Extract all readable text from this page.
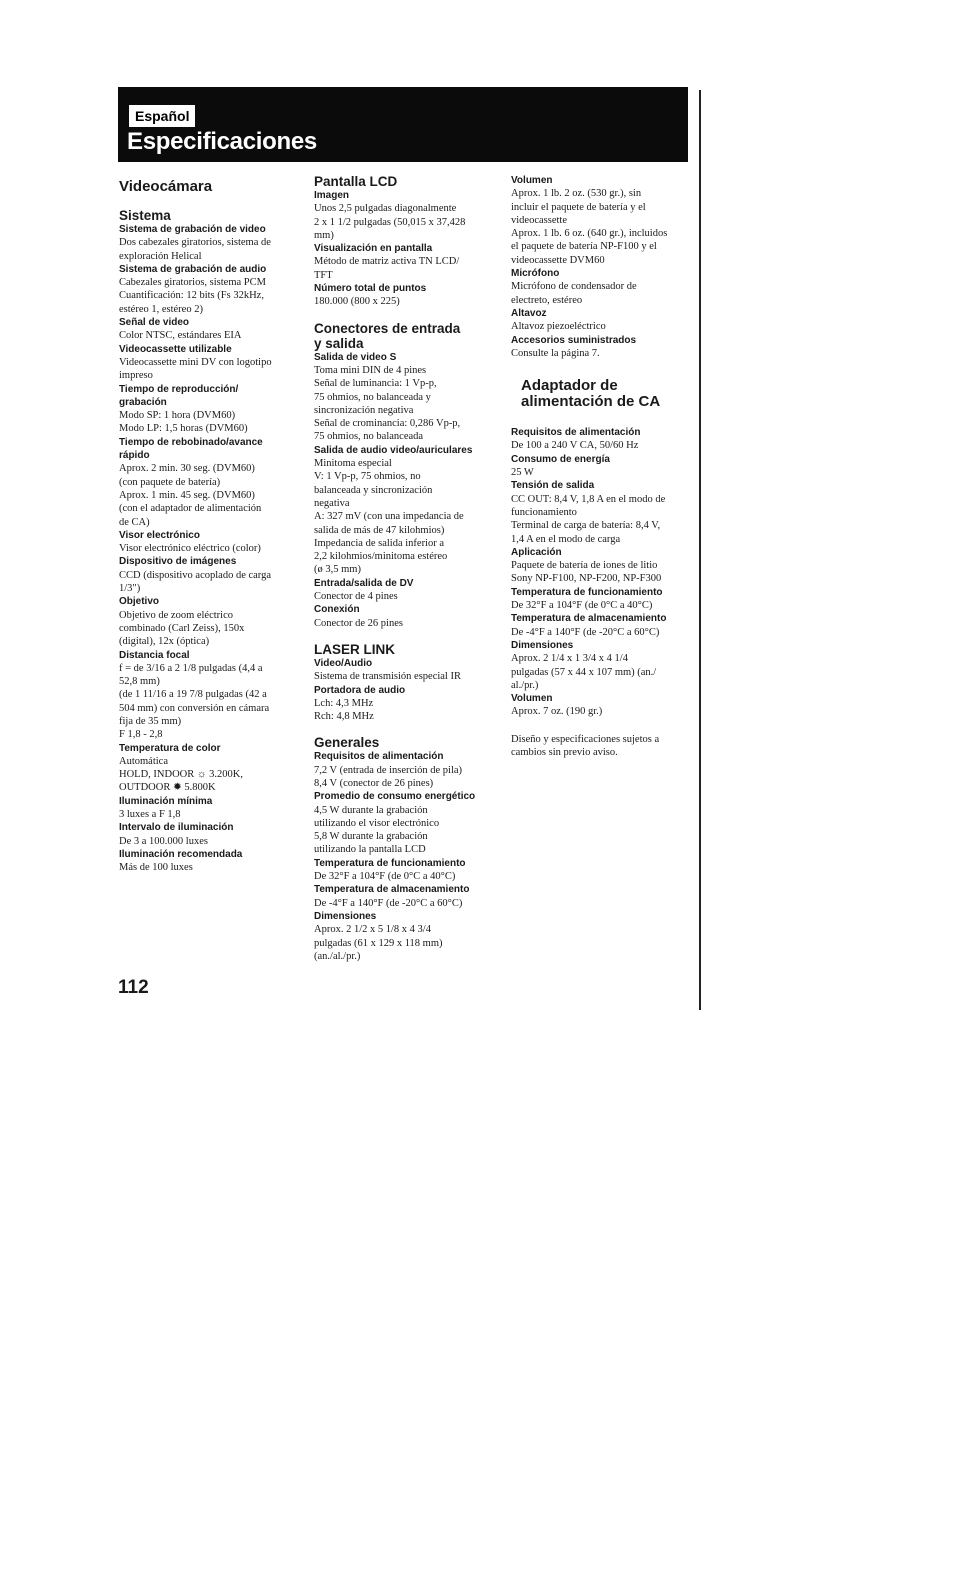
Español
Especificaciones
Videocámara
Sistema
Sistema de grabación de video
Dos cabezales giratorios, sistema de
exploración Helical
Sistema de grabación de audio
Cabezales giratorios, sistema PCM
Cuantificación: 12 bits (Fs 32kHz,
estéreo 1, estéreo 2)
Señal de video
Color NTSC, estándares EIA
Videocassette utilizable
Videocassette mini DV con logotipo
impreso
Tiempo de reproducción/
grabación
Modo SP: 1 hora (DVM60)
Modo LP: 1,5 horas (DVM60)
Tiempo de rebobinado/avance
rápido
Aprox. 2 min. 30 seg. (DVM60)
(con paquete de batería)
Aprox. 1 min. 45 seg. (DVM60)
(con el adaptador de alimentación
de CA)
Visor electrónico
Visor electrónico eléctrico (color)
Dispositivo de imágenes
CCD (dispositivo acoplado de carga
1/3")
Objetivo
Objetivo de zoom eléctrico
combinado (Carl Zeiss), 150x
(digital), 12x (óptica)
Distancia focal
f = de 3/16 a 2 1/8 pulgadas (4,4 a
52,8 mm)
(de 1 11/16 a 19 7/8 pulgadas (42 a
504 mm) con conversión en cámara
fija de 35 mm)
F 1,8 - 2,8
Temperatura de color
Automática
HOLD, INDOOR ☼ 3.200K,
OUTDOOR ✹ 5.800K
Iluminación mínima
3 luxes a F 1,8
Intervalo de iluminación
De 3 a 100.000 luxes
Iluminación recomendada
Más de 100 luxes
Pantalla LCD
Imagen
Unos 2,5 pulgadas diagonalmente
2 x 1 1/2 pulgadas (50,015 x 37,428
mm)
Visualización en pantalla
Método de matriz activa TN LCD/
TFT
Número total de puntos
180.000 (800 x 225)
Conectores de entrada
y salida
Salida de video S
Toma mini DIN de 4 pines
Señal de luminancia: 1 Vp-p,
75 ohmios, no balanceada y
sincronización negativa
Señal de crominancia: 0,286 Vp-p,
75 ohmios, no balanceada
Salida de audio video/auriculares
Minitoma especial
V: 1 Vp-p, 75 ohmios, no
balanceada y sincronización
negativa
A: 327 mV (con una impedancia de
salida de más de 47 kilohmios)
Impedancia de salida inferior a
2,2 kilohmios/minitoma estéreo
(ø 3,5 mm)
Entrada/salida de DV
Conector de 4 pines
Conexión
Conector de 26 pines
LASER LINK
Video/Audio
Sistema de transmisión especial IR
Portadora de audio
Lch: 4,3 MHz
Rch: 4,8 MHz
Generales
Requisitos de alimentación
7,2 V (entrada de inserción de pila)
8,4 V (conector de 26 pines)
Promedio de consumo energético
4,5 W durante la grabación
utilizando el visor electrónico
5,8 W durante la grabación
utilizando la pantalla LCD
Temperatura de funcionamiento
De 32°F a 104°F (de 0°C a 40°C)
Temperatura de almacenamiento
De -4°F a 140°F (de -20°C a 60°C)
Dimensiones
Aprox. 2 1/2 x 5 1/8 x 4 3/4
pulgadas (61 x 129 x 118 mm)
(an./al./pr.)
Volumen
Aprox. 1 lb. 2 oz. (530 gr.), sin
incluir el paquete de batería y el
videocassette
Aprox. 1 lb. 6 oz. (640 gr.), incluidos
el paquete de batería NP-F100 y el
videocassette DVM60
Micrófono
Micrófono de condensador de
electreto, estéreo
Altavoz
Altavoz piezoeléctrico
Accesorios suministrados
Consulte la página 7.
Adaptador de
alimentación de CA
Requisitos de alimentación
De 100 a 240 V CA, 50/60 Hz
Consumo de energía
25 W
Tensión de salida
CC OUT: 8,4 V, 1,8 A en el modo de
funcionamiento
Terminal de carga de batería: 8,4 V,
1,4 A en el modo de carga
Aplicación
Paquete de batería de iones de litio
Sony NP-F100, NP-F200, NP-F300
Temperatura de funcionamiento
De 32°F a 104°F (de 0°C a 40°C)
Temperatura de almacenamiento
De -4°F a 140°F (de -20°C a 60°C)
Dimensiones
Aprox. 2 1/4 x 1 3/4 x 4 1/4
pulgadas (57 x 44 x 107 mm) (an./
al./pr.)
Volumen
Aprox. 7 oz. (190 gr.)
Diseño y especificaciones sujetos a
cambios sin previo aviso.
112
